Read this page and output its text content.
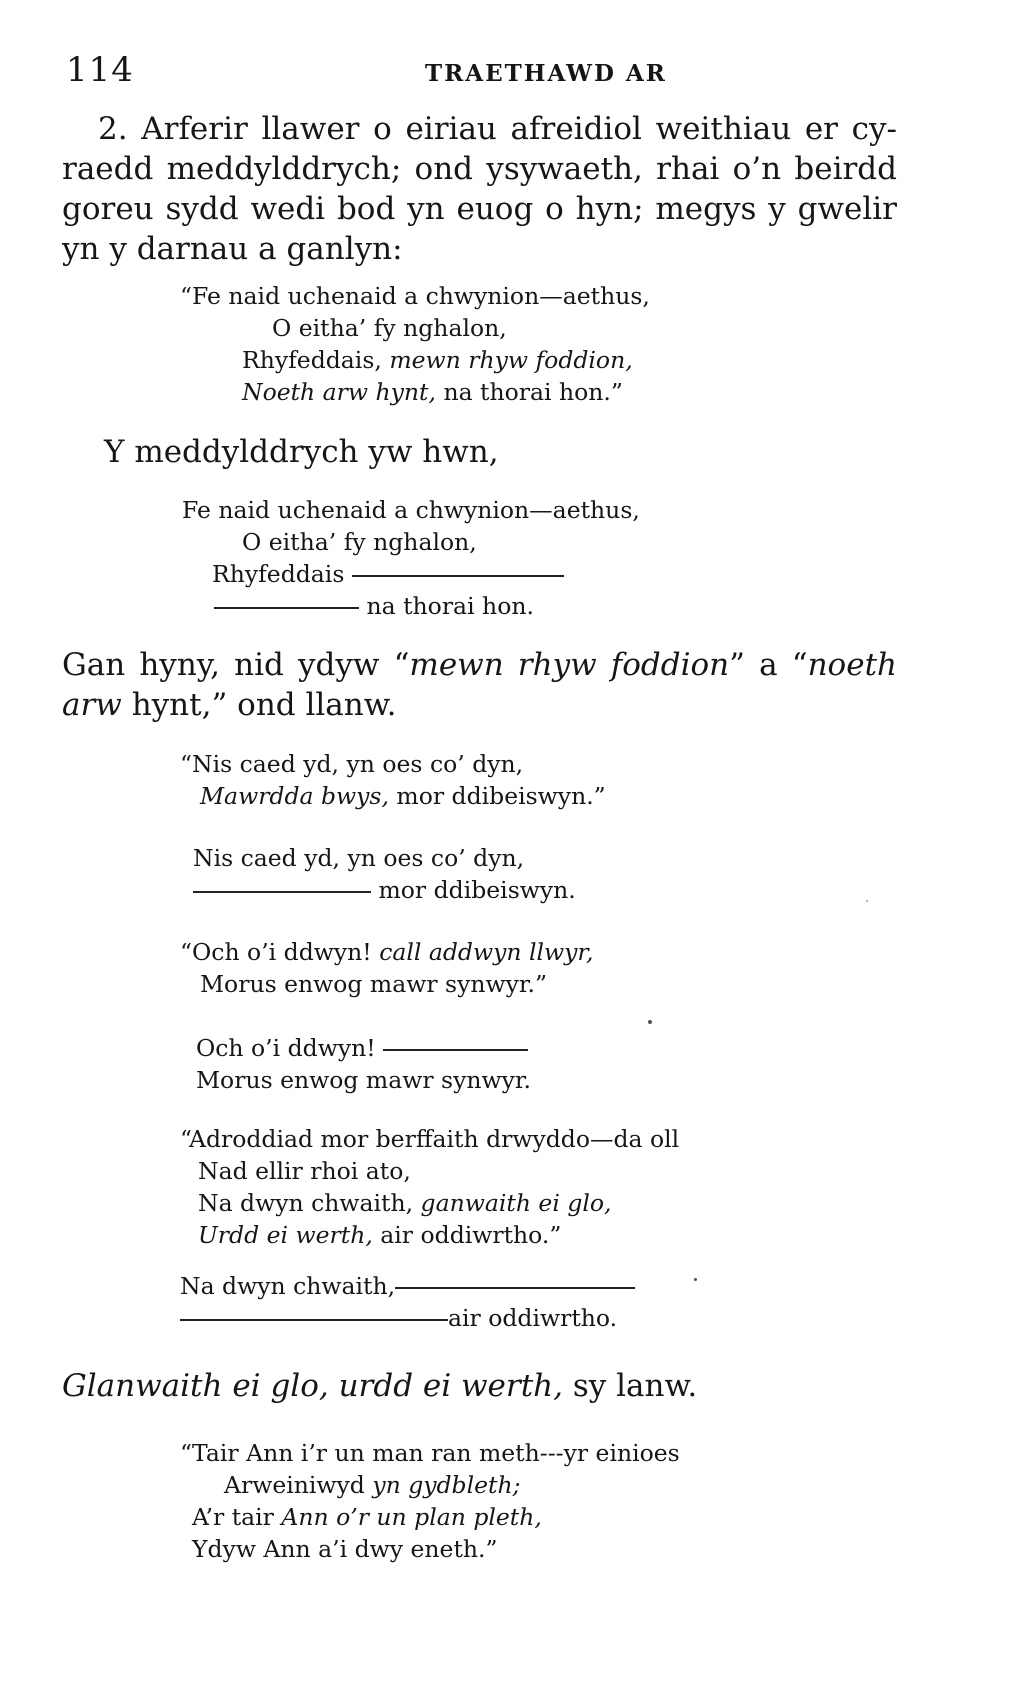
114	TRAETHAWD AR
2. Arferir llawer o eiriau afreidiol weithiau er cy-
raedd meddylddrych; ond ysywaeth, rhai o’n beirdd
goreu sydd wedi bod yn euog o hyn; megys y gwelir
yn y darnau a ganlyn:
“Fe naid uchenaid a chwynion—aethus,
O eitha’ fy nghalon,
Rhyfeddais, mewn rhyw foddion,
Noeth arw hynt, na thorai hon.”
Y meddylddrych yw hwn,
Fe naid uchenaid a chwynion—aethus,
O eitha’ fy nghalon,
Rhyfeddais
na thorai hon.
Gan hyny, nid ydyw “mewn rhyw foddion” a “noeth
arw hynt,” ond llanw.
“Nis caed yd, yn oes co’ dyn,
Mawrdda bwys, mor ddibeiswyn.”
Nis caed yd, yn oes co’ dyn,
mor ddibeiswyn.
“Och o’i ddwyn! call addwyn llwyr,
Morus enwog mawr synwyr.”
Och o’i ddwyn!
Morus enwog mawr synwyr.
“Adroddiad mor berffaith drwyddo—da oll
Nad ellir rhoi ato,
Na dwyn chwaith, ganwaith ei glo,
Urdd ei werth, air oddiwrtho.”
Na dwyn chwaith,
air oddiwrtho.
Glanwaith ei glo, urdd ei werth, sy lanw.
“Tair Ann i’r un man ran meth---yr einioes
Arweiniwyd yn gydbleth;
A’r tair Ann o’r un plan pleth,
Ydyw Ann a’i dwy eneth.”
